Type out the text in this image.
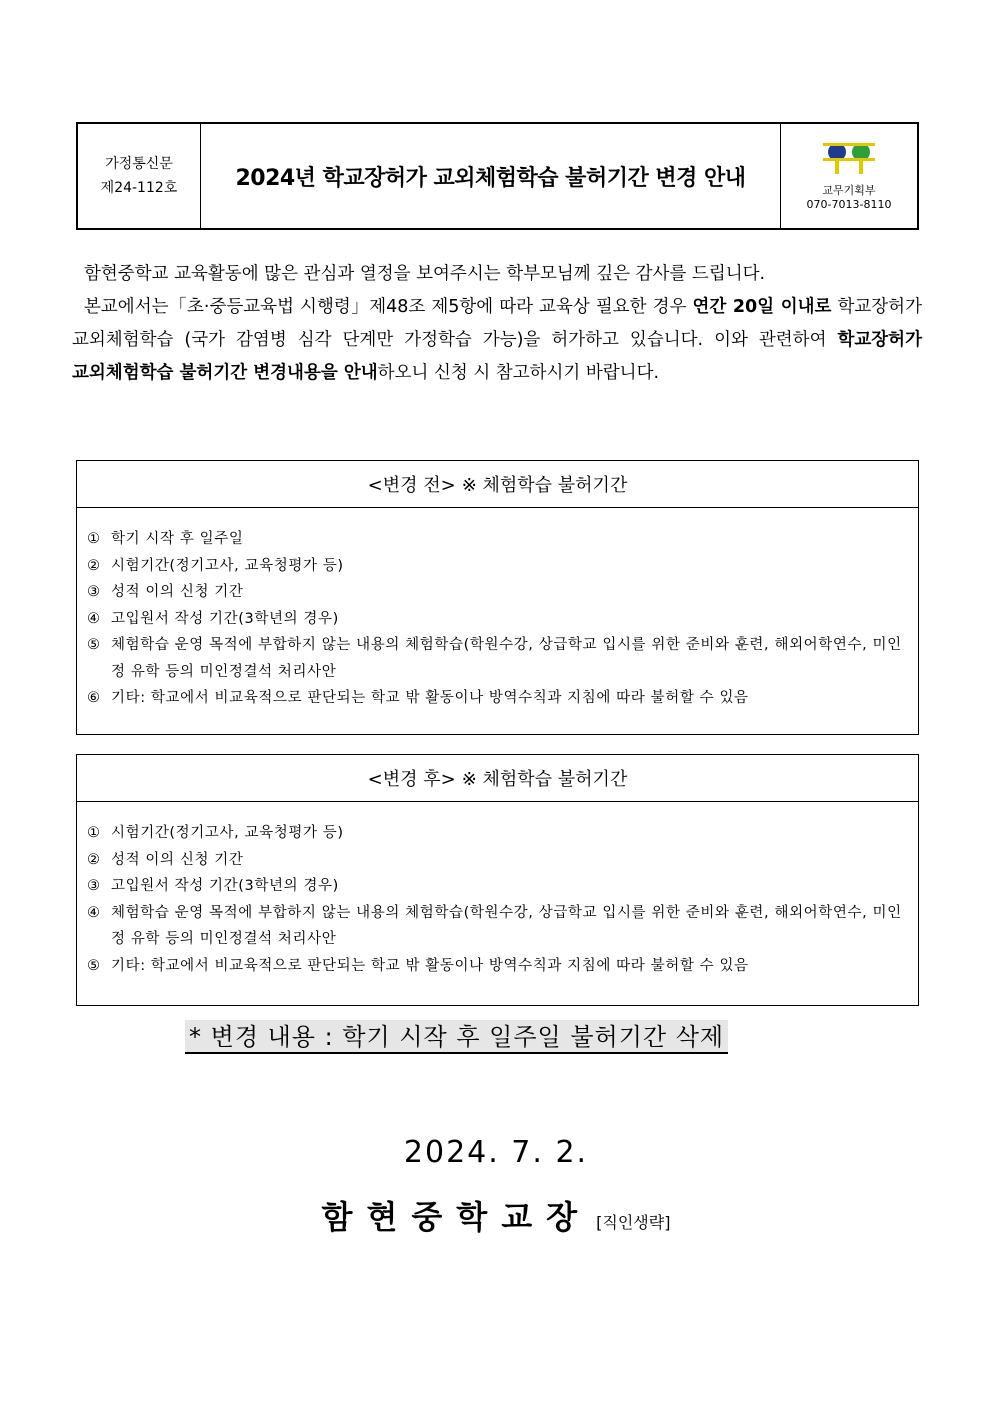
가정통신문
제24-112호	2024년 학교장허가 교외체험학습 불허기간 변경 안내	교무기획부
070-7013-8110

함현중학교 교육활동에 많은 관심과 열정을 보여주시는 학부모님께 깊은 감사를 드립니다.

본교에서는「초·중등교육법 시행령」제48조 제5항에 따라 교육상 필요한 경우 연간 20일 이내로 학교장허가 교외체험학습 (국가 감염병 심각 단계만 가정학습 가능)을 허가하고 있습니다. 이와 관련하여 학교장허가 교외체험학습 불허기간 변경내용을 안내하오니 신청 시 참고하시기 바랍니다.

<변경 전> ※ 체험학습 불허기간
① 학기 시작 후 일주일
② 시험기간(정기고사, 교육청평가 등)
③ 성적 이의 신청 기간
④ 고입원서 작성 기간(3학년의 경우)
⑤ 체험학습 운영 목적에 부합하지 않는 내용의 체험학습(학원수강, 상급학교 입시를 위한 준비와 훈련, 해외어학연수, 미인정 유학 등의 미인정결석 처리사안
⑥ 기타: 학교에서 비교육적으로 판단되는 학교 밖 활동이나 방역수칙과 지침에 따라 불허할 수 있음
<변경 후> ※ 체험학습 불허기간
① 시험기간(정기고사, 교육청평가 등)
② 성적 이의 신청 기간
③ 고입원서 작성 기간(3학년의 경우)
④ 체험학습 운영 목적에 부합하지 않는 내용의 체험학습(학원수강, 상급학교 입시를 위한 준비와 훈련, 해외어학연수, 미인정 유학 등의 미인정결석 처리사안
⑤ 기타: 학교에서 비교육적으로 판단되는 학교 밖 활동이나 방역수칙과 지침에 따라 불허할 수 있음
* 변경 내용 : 학기 시작 후 일주일 불허기간 삭제
2024. 7. 2.
함현중학교장 [직인생략]
